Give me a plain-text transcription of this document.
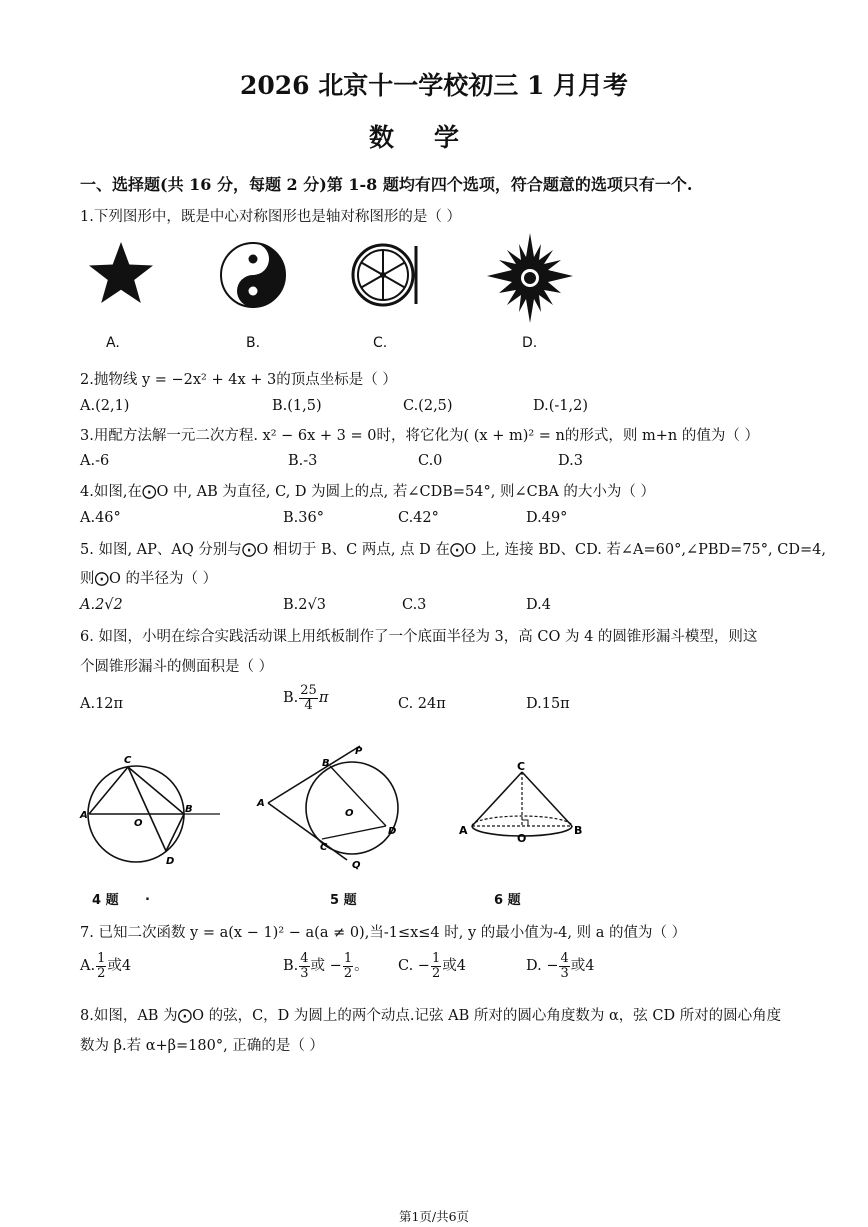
2026 北京十一学校初三 1 月月考
数学
一、选择题(共 16 分，每题 2 分)第 1-8 题均有四个选项，符合题意的选项只有一个.
1.下列图形中，既是中心对称图形也是轴对称图形的是（ ）
A.	B.	C.	D.
2.抛物线 y = −2x² + 4x + 3的顶点坐标是（ ）
A.(2,1)	B.(1,5)	C.(2,5)	D.(-1,2)
3.用配方法解一元二次方程. x² − 6x + 3 = 0时，将它化为( (x + m)² = n的形式，则 m+n 的值为（ ）
A.-6	B.-3	C.0	D.3
4.如图,在⨀O 中, AB 为直径, C, D 为圆上的点, 若∠CDB=54°, 则∠CBA 的大小为（ ）
A.46°	B.36°	C.42°	D.49°
5. 如图, AP、AQ 分别与⨀O 相切于 B、C 两点, 点 D 在⨀O 上, 连接 BD、CD. 若∠A=60°,∠PBD=75°, CD=4,
则⨀O 的半径为（ ）
A.2√2	B.2√3	C.3	D.4
6. 如图，小明在综合实践活动课上用纸板制作了一个底面半径为 3，高 CO 为 4 的圆锥形漏斗模型，则这
个圆锥形漏斗的侧面积是（ ）
A.12π	B. $\frac{25}{4}$ π	C. 24π	D.15π
C
A
O
B
D
P
B
A
O
D
C
Q
C
A
O
B
4 题 .	5 题	6 题
7. 已知二次函数 y = a(x − 1)² − a(a ≠ 0),当-1≤x≤4 时, y 的最小值为-4, 则 a 的值为（ ）
A. $\frac{1}{2}$ 或4	B. $\frac{4}{3}$ 或 − $\frac{1}{2}$ 。 C. − $\frac{1}{2}$ 或4	D. − $\frac{4}{3}$ 或4
8.如图，AB 为⨀O 的弦，C，D 为圆上的两个动点.记弦 AB 所对的圆心角度数为 α，弦 CD 所对的圆心角度
数为 β.若 α+β=180°, 正确的是（ ）
第1页/共6页
